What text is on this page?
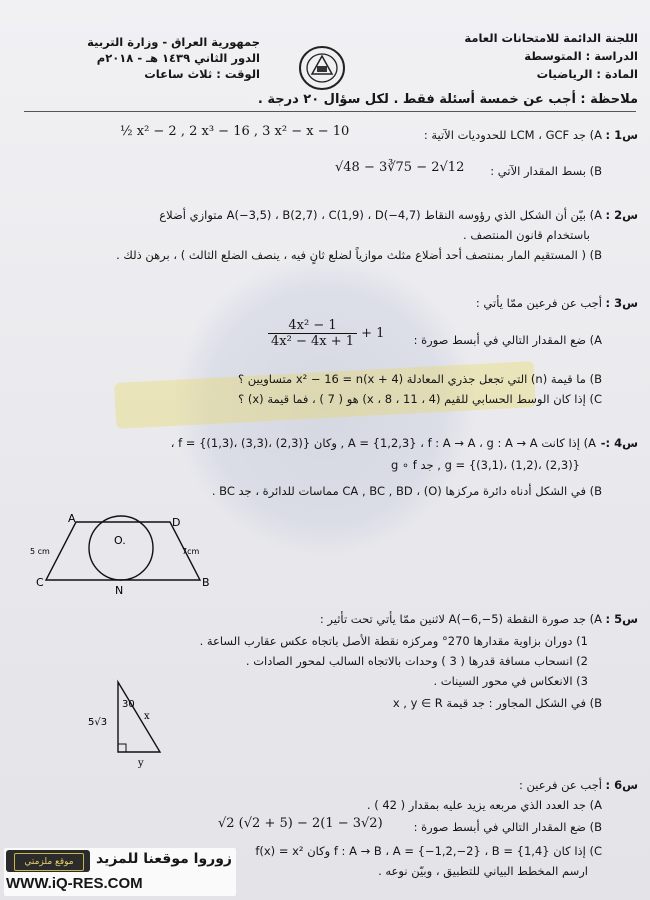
اللجنة الدائمة للامتحانات العامة
الدراسة : المتوسطة
المادة : الرياضيات
جمهورية العراق - وزارة التربية
الدور الثاني ١٤٣٩ هـ - ٢٠١٨م
الوقت : ثلاث ساعات
ملاحظة : أجب عن خمسة أسئلة فقط . لكل سؤال ٢٠ درجة .
س1 :
A) جد LCM ، GCF للحدوديات الآتية :
½ x² − 2 , 2 x³ − 16 , 3 x² − x − 10
B) بسط المقدار الآتي :
√48 − 3∛75 − 2√12
س2 :
A) بيّن أن الشكل الذي رؤوسه النقاط A(−3,5) ، B(2,7) ، C(1,9) ، D(−4,7) متوازي أضلاع
باستخدام قانون المنتصف .
B) ( المستقيم المار بمنتصف أحد أضلاع مثلث موازياً لضلع ثانٍ فيه ، ينصف الضلع الثالث ) ، برهن ذلك .
س3 :
أجب عن فرعين ممّا يأتي :
A) ضع المقدار التالي في أبسط صورة :
$\frac{\text{4x² − 1}}{\text{4x² − 4x + 1}} + 1$
B) ما قيمة (n) التي تجعل جذري المعادلة x² − 16 = n(x + 4) متساويين ؟
C) إذا كان الوسط الحسابي للقيم (x ، 8 ، 11 ، 4) هو ( 7 ) ، فما قيمة (x) ؟
س4 :-
A) إذا كانت A = {1,2,3} ، f : A → A ، g : A → A , وكان f = {(1,3)، (3,3)، (2,3)} ،
g = {(3,1)، (1,2)، (2,3)} , جد g ∘ f
B) في الشكل أدناه دائرة مركزها (O) ، CA , BC , BD مماسات للدائرة ، جد BC .
A	D
C	B
N
O.
5 cm	7cm
س5 :
A) جد صورة النقطة A(−6,−5) لاثنين ممّا يأتي تحت تأثير :
1) دوران بزاوية مقدارها 270° ومركزه نقطة الأصل باتجاه عكس عقارب الساعة .
2) انسحاب مسافة قدرها ( 3 ) وحدات بالاتجاه السالب لمحور الصادات .
3) الانعكاس في محور السينات .
B) في الشكل المجاور : جد قيمة x , y ∈ R
30
5√3
x
y
س6 :
أجب عن فرعين :
A) جد العدد الذي مربعه يزيد عليه بمقدار ( 42 ) .
B) ضع المقدار التالي في أبسط صورة :
√2 (√2 + 5) − 2(1 − 3√2)
C) إذا كان f : A → B ، A = {−1,2,−2} ، B = {1,4} وكان f(x) = x²
ارسم المخطط البياني للتطبيق ، وبيّن نوعه .
موقع ملزمتي	زوروا موقعنا للمزيد
WWW.iQ-RES.COM
